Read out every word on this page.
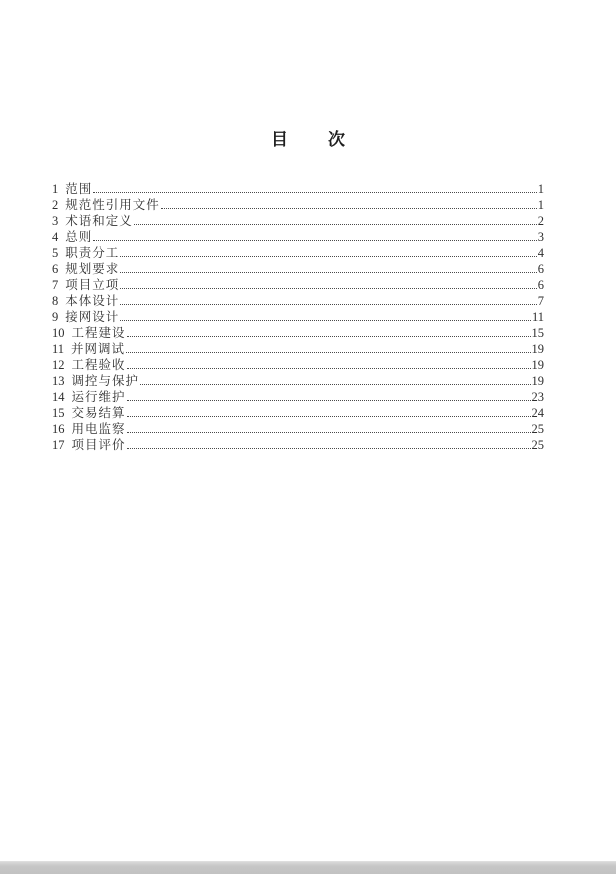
目次
1 范围	1
2 规范性引用文件	1
3 术语和定义	2
4 总则	3
5 职责分工	4
6 规划要求	6
7 项目立项	6
8 本体设计	7
9 接网设计	11
10 工程建设	15
11 并网调试	19
12 工程验收	19
13 调控与保护	19
14 运行维护	23
15 交易结算	24
16 用电监察	25
17 项目评价	25
